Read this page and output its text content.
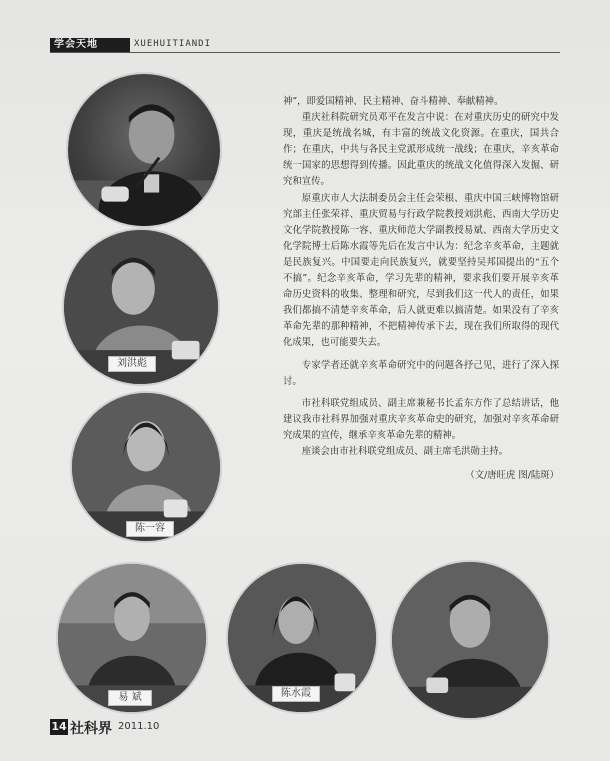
学会天地	XUEHUITIANDI
刘洪彪
陈一容
易 斌	陈水霞

神”，即爱国精神、民主精神、奋斗精神、奉献精神。

重庆社科院研究员邓平在发言中说：在对重庆历史的研究中发现，重庆是统战名城，有丰富的统战文化资源。在重庆，国共合作；在重庆，中共与各民主党派形成统一战线；在重庆，辛亥革命统一国家的思想得到传播。因此重庆的统战文化值得深入发掘、研究和宣传。

原重庆市人大法制委员会主任会荣根、重庆中国三峡博物馆研究部主任张荣祥、重庆贸易与行政学院教授刘洪彪、西南大学历史文化学院教授陈一容、重庆师范大学副教授易斌、西南大学历史文化学院博士后陈水霞等先后在发言中认为：纪念辛亥革命，主题就是民族复兴。中国要走向民族复兴，就要坚持吴邦国提出的“五个不搞”。纪念辛亥革命，学习先辈的精神，要求我们要开展辛亥革命历史资料的收集、整理和研究，尽到我们这一代人的责任，如果我们都搞不清楚辛亥革命，后人就更难以搞清楚。如果没有了辛亥革命先辈的那种精神，不把精神传承下去，现在我们所取得的现代化成果，也可能要失去。

专家学者还就辛亥革命研究中的问题各抒己见，进行了深入探讨。

市社科联党组成员、副主席兼秘书长孟东方作了总结讲话，他建议我市社科界加强对重庆辛亥革命史的研究，加强对辛亥革命研究成果的宣传，继承辛亥革命先辈的精神。

座谈会由市社科联党组成员、副主席毛洪勋主持。

（文/唐旺虎 图/陆斑）
14 社科界 2011.10
